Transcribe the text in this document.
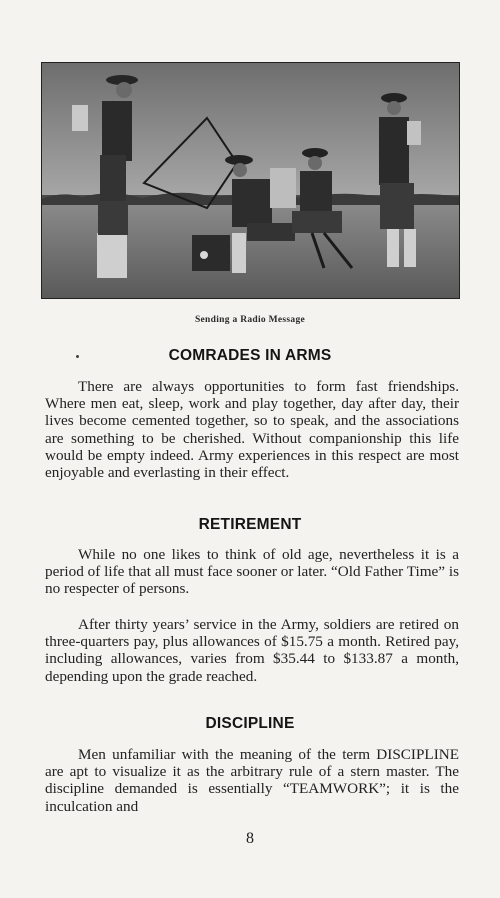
Sending a Radio Message
COMRADES IN ARMS

There are always opportunities to form fast friendships. Where men eat, sleep, work and play together, day after day, their lives become cemented together, so to speak, and the associations are something to be cherished. Without companionship this life would be empty indeed. Army experiences in this respect are most enjoyable and everlasting in their effect.

RETIREMENT

While no one likes to think of old age, nevertheless it is a period of life that all must face sooner or later. “Old Father Time” is no respecter of persons.

After thirty years’ service in the Army, soldiers are retired on three-quarters pay, plus allowances of $15.75 a month. Retired pay, including allowances, varies from $35.44 to $133.87 a month, depending upon the grade reached.

DISCIPLINE

Men unfamiliar with the meaning of the term DISCIPLINE are apt to visualize it as the arbitrary rule of a stern master. The discipline demanded is essentially “TEAMWORK”; it is the inculcation and

8
